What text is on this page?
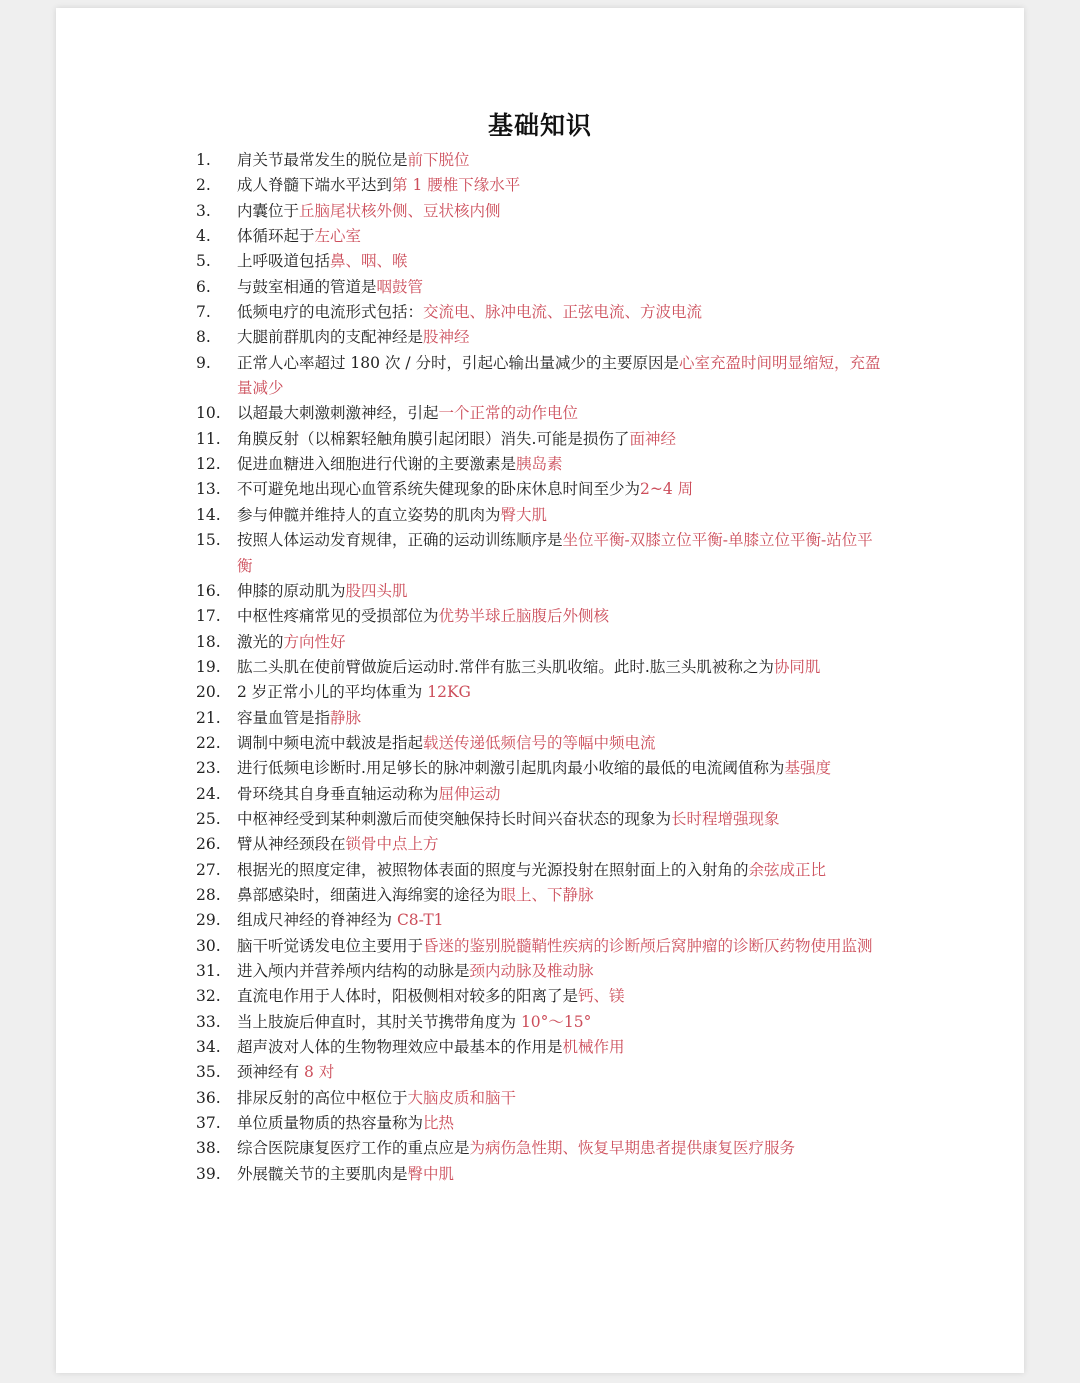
基础知识
1.	肩关节最常发生的脱位是前下脱位
2.	成人脊髓下端水平达到第 1 腰椎下缘水平
3.	内囊位于丘脑尾状核外侧、豆状核内侧
4.	体循环起于左心室
5.	上呼吸道包括鼻、咽、喉
6.	与鼓室相通的管道是咽鼓管
7.	低频电疗的电流形式包括：交流电、脉冲电流、正弦电流、方波电流
8.	大腿前群肌肉的支配神经是股神经
9.	正常人心率超过 180 次 / 分时，引起心输出量减少的主要原因是心室充盈时间明显缩短，充盈量减少
10.	以超最大刺激刺激神经，引起一个正常的动作电位
11.	角膜反射（以棉絮轻触角膜引起闭眼）消失.可能是损伤了面神经
12.	促进血糖进入细胞进行代谢的主要激素是胰岛素
13.	不可避免地出现心血管系统失健现象的卧床休息时间至少为2~4 周
14.	参与伸髋并维持人的直立姿势的肌肉为臀大肌
15.	按照人体运动发育规律，正确的运动训练顺序是坐位平衡-双膝立位平衡-单膝立位平衡-站位平衡
16.	伸膝的原动肌为股四头肌
17.	中枢性疼痛常见的受损部位为优势半球丘脑腹后外侧核
18.	激光的方向性好
19.	肱二头肌在使前臂做旋后运动时.常伴有肱三头肌收缩。此时.肱三头肌被称之为协同肌
20.	2 岁正常小儿的平均体重为 12KG
21.	容量血管是指静脉
22.	调制中频电流中载波是指起载送传递低频信号的等幅中频电流
23.	进行低频电诊断时.用足够长的脉冲刺激引起肌肉最小收缩的最低的电流阈值称为基强度
24.	骨环绕其自身垂直轴运动称为屈伸运动
25.	中枢神经受到某种刺激后而使突触保持长时间兴奋状态的现象为长时程增强现象
26.	臂从神经颈段在锁骨中点上方
27.	根据光的照度定律，被照物体表面的照度与光源投射在照射面上的入射角的余弦成正比
28.	鼻部感染时，细菌进入海绵窦的途径为眼上、下静脉
29.	组成尺神经的脊神经为 C8-T1
30.	脑干听觉诱发电位主要用于昏迷的鉴别脱髓鞘性疾病的诊断颅后窝肿瘤的诊断仄药物使用监测
31.	进入颅内并营养颅内结构的动脉是颈内动脉及椎动脉
32.	直流电作用于人体时，阳极侧相对较多的阳离了是钙、镁
33.	当上肢旋后伸直时，其肘关节携带角度为 10°～15°
34.	超声波对人体的生物物理效应中最基本的作用是机械作用
35.	颈神经有 8 对
36.	排尿反射的高位中枢位于大脑皮质和脑干
37.	单位质量物质的热容量称为比热
38.	综合医院康复医疗工作的重点应是为病伤急性期、恢复早期患者提供康复医疗服务
39.	外展髋关节的主要肌肉是臀中肌
